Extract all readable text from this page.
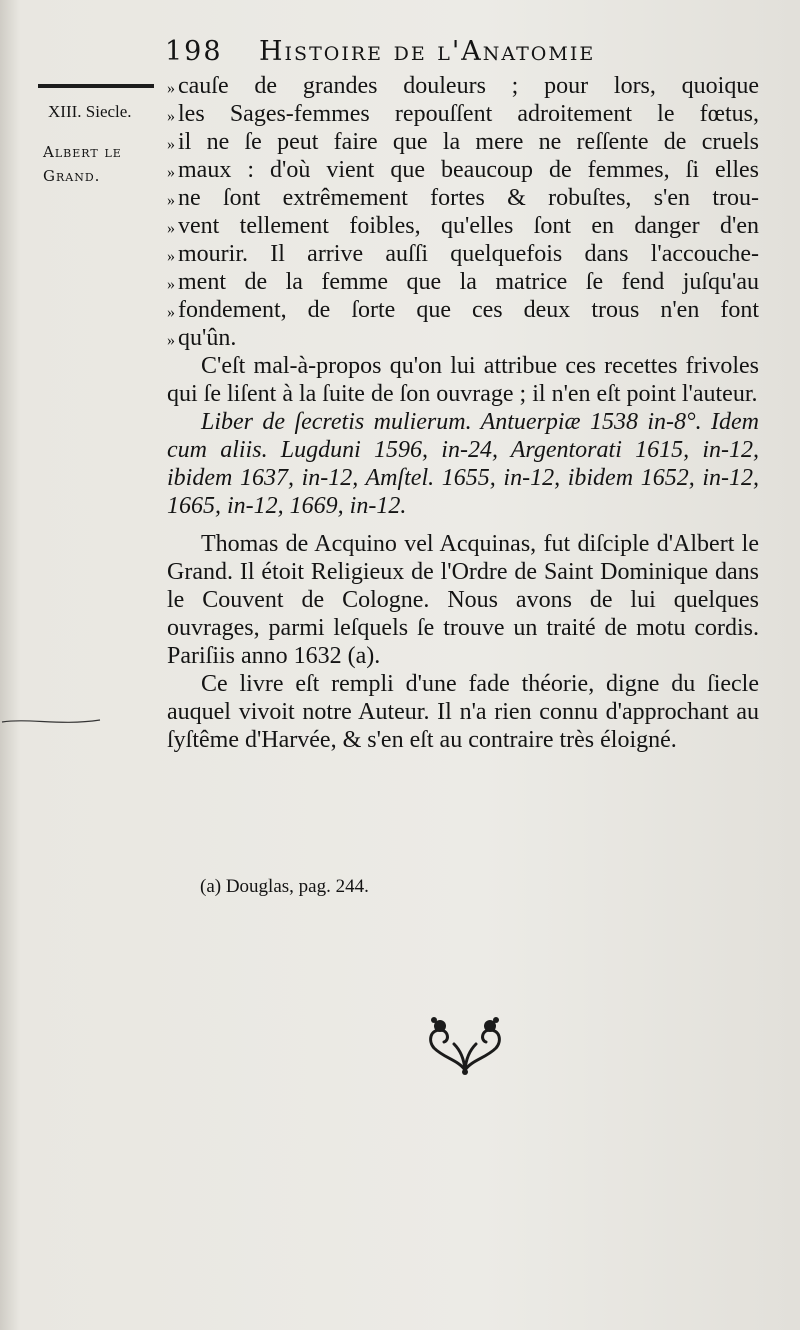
198 Histoire de l'Anatomie
XIII. Siecle.
Albert le Grand.
» cauſe de grandes douleurs ; pour lors, quoique
» les Sages-femmes repouſſent adroitement le fœtus,
» il ne ſe peut faire que la mere ne reſſente de cruels
» maux : d'où vient que beaucoup de femmes, ſi elles
» ne ſont extrêmement fortes & robuſtes, s'en trou-
» vent tellement foibles, qu'elles ſont en danger d'en
» mourir. Il arrive auſſi quelquefois dans l'accouche-
» ment de la femme que la matrice ſe fend juſqu'au
» fondement, de ſorte que ces deux trous n'en font
» qu'ûn.
C'eſt mal-à-propos qu'on lui attribue ces recettes frivoles qui ſe liſent à la ſuite de ſon ouvrage ; il n'en eſt point l'auteur.
Liber de ſecretis mulierum. Antuerpiæ 1538 in-8°. Idem cum aliis. Lugduni 1596, in-24, Argentorati 1615, in-12, ibidem 1637, in-12, Amſtel. 1655, in-12, ibidem 1652, in-12, 1665, in-12, 1669, in-12.
Thomas de Acquino vel Acquinas, fut diſciple d'Albert le Grand. Il étoit Religieux de l'Ordre de Saint Dominique dans le Couvent de Cologne. Nous avons de lui quelques ouvrages, parmi leſquels ſe trouve un traité de motu cordis. Pariſiis anno 1632 (a).
Ce livre eſt rempli d'une fade théorie, digne du ſiecle auquel vivoit notre Auteur. Il n'a rien connu d'approchant au ſyſtême d'Harvée, & s'en eſt au contraire très éloigné.
(a) Douglas, pag. 244.
